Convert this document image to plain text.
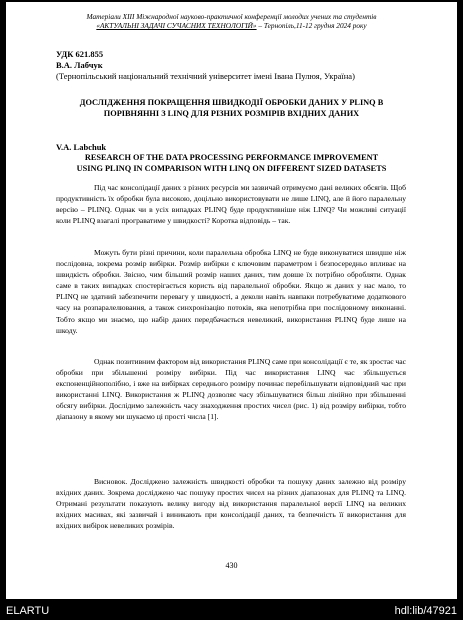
Матеріали XIII Міжнародної науково-практичної конференції молодих учених та студентів
«АКТУАЛЬНІ ЗАДАЧІ СУЧАСНИХ ТЕХНОЛОГІЙ» – Тернопіль,11-12 грудня 2024 року
УДК 621.855
В.А. Лабчук
(Тернопільський національний технічний університет імені Івана Пулюя, Україна)
ДОСЛІДЖЕННЯ ПОКРАЩЕННЯ ШВИДКОДІЇ ОБРОБКИ ДАНИХ У PLINQ В
ПОРІВНЯННІ З LINQ ДЛЯ РІЗНИХ РОЗМІРІВ ВХІДНИХ ДАНИХ
V.A. Labchuk
RESEARCH OF THE DATA PROCESSING PERFORMANCE IMPROVEMENT
USING PLINQ IN COMPARISON WITH LINQ ON DIFFERENT SIZED DATASETS
Під час консолідації даних з різних ресурсів ми зазвичай отримуємо дані великих обсягів. Щоб продуктивність їх обробки була високою, доцільно використовувати не лише LINQ, але й його паралельну версію – PLINQ. Однак чи в усіх випадках PLINQ буде продуктивніше ніж LINQ? Чи можливі ситуації коли PLINQ взагалі програватиме у швидкості? Коротка відповідь – так.
Можуть бути різні причини, коли паралельна обробка LINQ не буде виконуватися швидше ніж послідовна, зокрема розмір вибірки. Розмір вибірки є ключовим параметром і безпосередньо впливає на швидкість обробки. Звісно, чим більший розмір наших даних, тим довше їх потрібно обробляти. Однак саме в таких випадках спостерігається користь від паралельної обробки. Якщо ж даних у нас мало, то PLINQ не здатний забезпечити перевагу у швидкості, а деколи навіть навпаки потребуватиме додаткового часу на розпаралелювання, а також синхронізацію потоків, яка непотрібна при послідовному виконанні. Тобто якщо ми знаємо, що набір даних передбачається невеликий, використання PLINQ буде лише на шкоду.
Однак позитивним фактором від використання PLINQ саме при консолідації є те, як зростає час обробки при збільшенні розміру вибірки. Під час використання LINQ час збільшується експоненційнополібно, і вже на вибірках середнього розміру починає перебільшувати відповідний час при використанні LINQ. Використання ж PLINQ дозволяє часу збільшуватися більш лінійно при збільшенні обсягу вибірки. Дослідимо залежність часу знаходження простих чисел (рис. 1) від розміру вибірки, тобто діапазону в якому ми шукаємо ці прості числа [1].
Висновок. Досліджено залежність швидкості обробки та пошуку даних залежно від розміру вхідних даних. Зокрема досліджено час пошуку простих чисел на різних діапазонах для PLINQ та LINQ. Отримані результати показують велику вигоду від використання паралельної версії LINQ на великих вхідних масивах, які зазвичай і виникають при консолідації даних, та безпечність її використання для вхідних вибірок невеликих розмірів.
430
ELARTU	hdl:lib/47921
